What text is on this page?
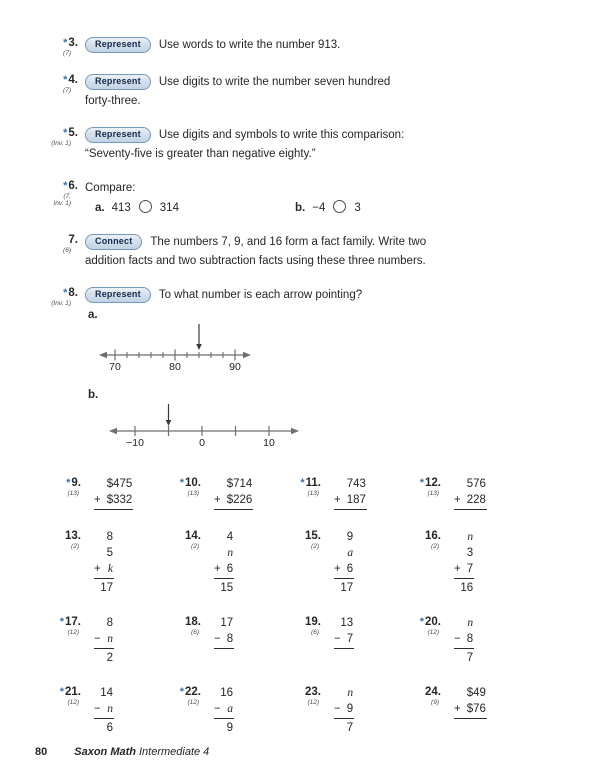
*3.
(7)
Represent Use words to write the number 913.
*4.
(7)
Represent Use digits to write the number seven hundred
forty-three.
*5.
(Inv. 1)
Represent Use digits and symbols to write this comparison:
“Seventy-five is greater than negative eighty.”
*6.
(7,
Inv. 1)
Compare:
a. 413	314	b. −4	3
7.
(6)
Connect The numbers 7, 9, and 16 form a fact family. Write two
addition facts and two subtraction facts using these three numbers.
*8.
(Inv. 1)
Represent To what number is each arrow pointing?
a.
70	80	90
b.
−10	0	10
*9.
(13)
$475
+ $332
*10.
(13)
$714
+ $226
*11.
(13)
743
+ 187
*12.
(13)
576
+ 228
13.
(2)
8
5
+ k
17
14.
(2)
4
n
+ 6
15
15.
(2)
9
a
+ 6
17
16.
(2)
n
3
+ 7
16
*17.
(12)
8
− n
2
18.
(6)
17
− 8
19.
(6)
13
− 7
*20.
(12)
n
− 8
7
*21.
(12)
14
− n
6
*22.
(12)
16
− a
9
23.
(12)
n
− 9
7
24.
(9)
$49
+ $76
80 Saxon Math Intermediate 4
